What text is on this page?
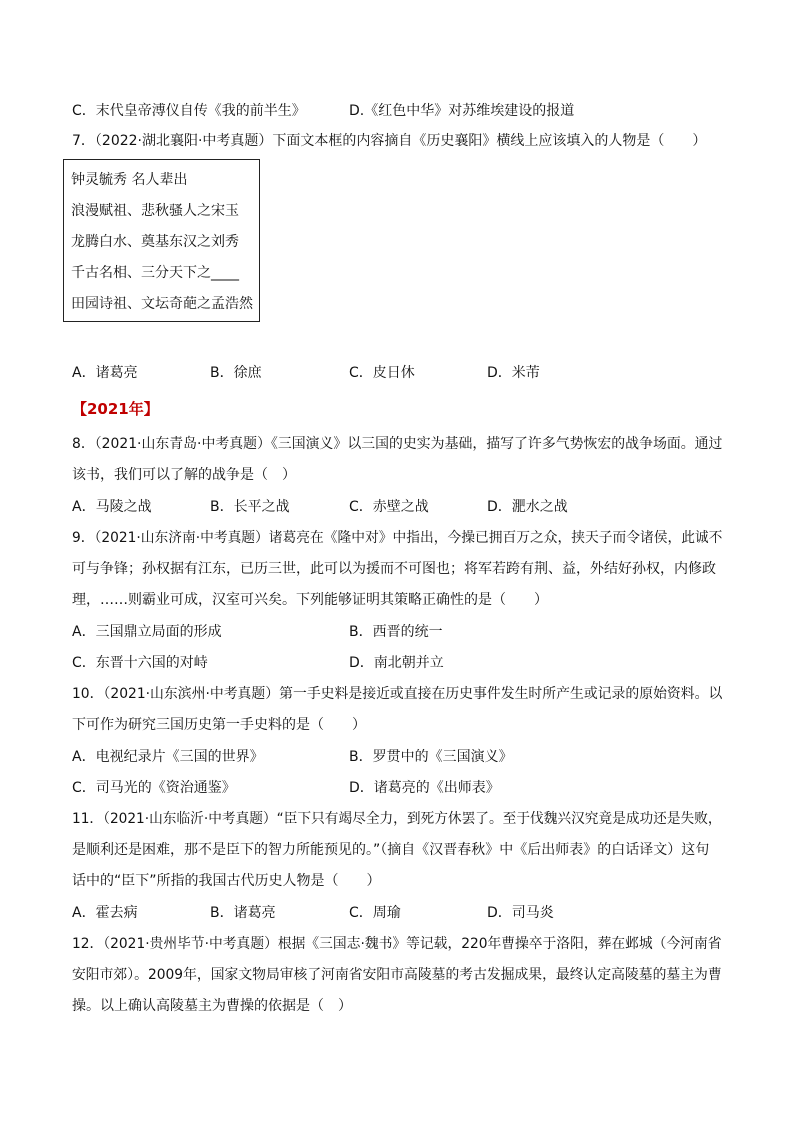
C．末代皇帝溥仪自传《我的前半生》	D.《红色中华》对苏维埃建设的报道
7．（2022·湖北襄阳·中考真题）下面文本框的内容摘自《历史襄阳》横线上应该填入的人物是（　　）
钟灵毓秀 名人辈出
浪漫赋祖、悲秋骚人之宋玉
龙腾白水、奠基东汉之刘秀
千古名相、三分天下之____
田园诗祖、文坛奇葩之孟浩然
A．诸葛亮	B．徐庶	C．皮日休	D．米芾
【2021年】
8．（2021·山东青岛·中考真题）《三国演义》以三国的史实为基础，描写了许多气势恢宏的战争场面。通过
该书，我们可以了解的战争是（　）
A．马陵之战	B．长平之战	C．赤壁之战	D．淝水之战
9．（2021·山东济南·中考真题）诸葛亮在《隆中对》中指出，今操已拥百万之众，挟天子而令诸侯，此诚不
可与争锋；孙权据有江东，已历三世，此可以为援而不可图也；将军若跨有荆、益，外结好孙权，内修政
理，……则霸业可成，汉室可兴矣。下列能够证明其策略正确性的是（　　）
A．三国鼎立局面的形成	B．西晋的统一
C．东晋十六国的对峙	D．南北朝并立
10．（2021·山东滨州·中考真题）第一手史料是接近或直接在历史事件发生时所产生或记录的原始资料。以
下可作为研究三国历史第一手史料的是（　　）
A．电视纪录片《三国的世界》	B．罗贯中的《三国演义》
C．司马光的《资治通鉴》	D．诸葛亮的《出师表》
11．（2021·山东临沂·中考真题）“臣下只有竭尽全力，到死方休罢了。至于伐魏兴汉究竟是成功还是失败，
是顺利还是困难，那不是臣下的智力所能预见的。”（摘自《汉晋春秋》中《后出师表》的白话译文）这句
话中的“臣下”所指的我国古代历史人物是（　　）
A．霍去病	B．诸葛亮	C．周瑜	D．司马炎
12．（2021·贵州毕节·中考真题）根据《三国志·魏书》等记载，220年曹操卒于洛阳，葬在邺城（今河南省
安阳市郊）。2009年，国家文物局审核了河南省安阳市高陵墓的考古发掘成果，最终认定高陵墓的墓主为曹
操。以上确认高陵墓主为曹操的依据是（　）
